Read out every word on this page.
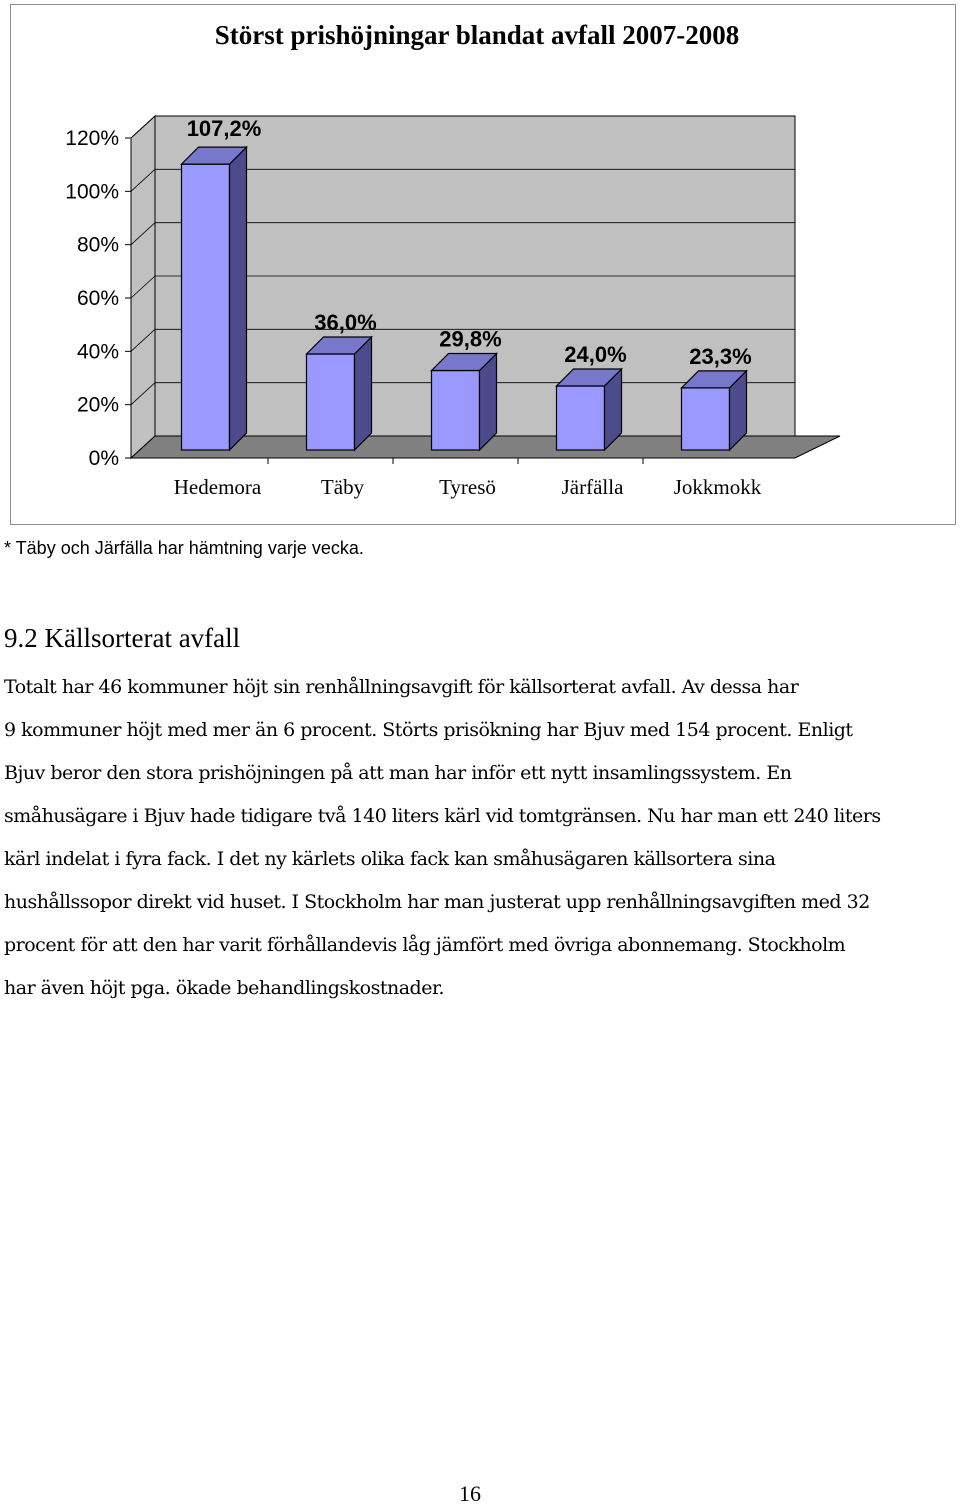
Störst prishöjningar blandat avfall 2007-2008
0%
20%
40%
60%
80%
100%
120%	107,2%
36,0%
29,8%
24,0%	23,3%
Hedemora	Täby	Tyresö	Järfälla Jokkmokk
* Täby och Järfälla har hämtning varje vecka.
9.2 Källsorterat avfall

Totalt har 46 kommuner höjt sin renhållningsavgift för källsorterat avfall. Av dessa har
9 kommuner höjt med mer än 6 procent. Störts prisökning har Bjuv med 154 procent. Enligt
Bjuv beror den stora prishöjningen på att man har inför ett nytt insamlingssystem. En
småhusägare i Bjuv hade tidigare två 140 liters kärl vid tomtgränsen. Nu har man ett 240 liters
kärl indelat i fyra fack. I det ny kärlets olika fack kan småhusägaren källsortera sina
hushållssopor direkt vid huset. I Stockholm har man justerat upp renhållningsavgiften med 32
procent för att den har varit förhållandevis låg jämfört med övriga abonnemang. Stockholm
har även höjt pga. ökade behandlingskostnader.

16
